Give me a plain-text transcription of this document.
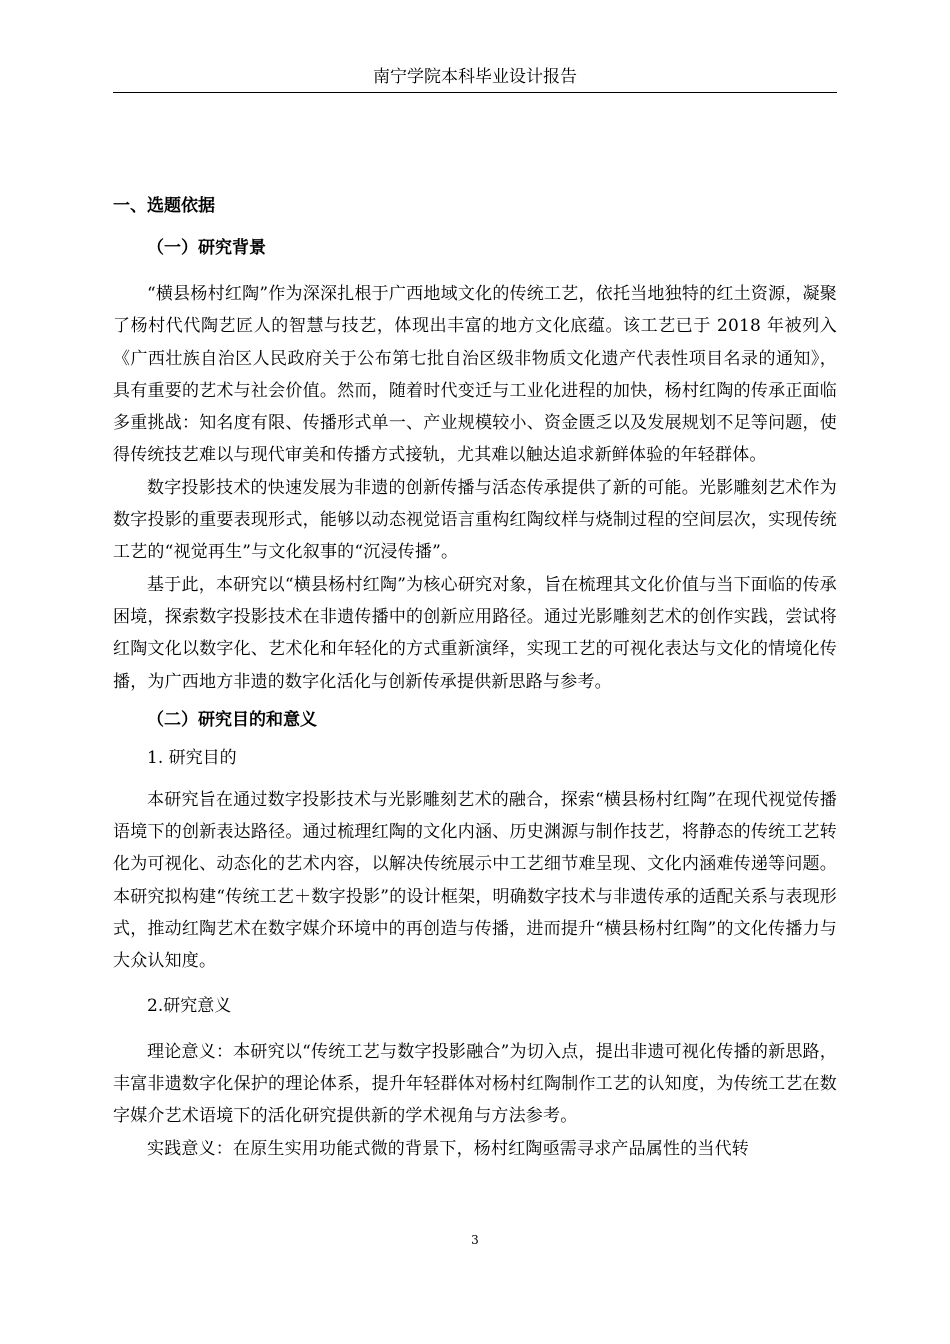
南宁学院本科毕业设计报告

一、选题依据

（一）研究背景

“横县杨村红陶”作为深深扎根于广西地域文化的传统工艺，依托当地独特的红土资源，凝聚了杨村代代陶艺匠人的智慧与技艺，体现出丰富的地方文化底蕴。该工艺已于 2018 年被列入《广西壮族自治区人民政府关于公布第七批自治区级非物质文化遗产代表性项目名录的通知》，具有重要的艺术与社会价值。然而，随着时代变迁与工业化进程的加快，杨村红陶的传承正面临多重挑战：知名度有限、传播形式单一、产业规模较小、资金匮乏以及发展规划不足等问题，使得传统技艺难以与现代审美和传播方式接轨，尤其难以触达追求新鲜体验的年轻群体。

数字投影技术的快速发展为非遗的创新传播与活态传承提供了新的可能。光影雕刻艺术作为数字投影的重要表现形式，能够以动态视觉语言重构红陶纹样与烧制过程的空间层次，实现传统工艺的“视觉再生”与文化叙事的“沉浸传播”。

基于此，本研究以“横县杨村红陶”为核心研究对象，旨在梳理其文化价值与当下面临的传承困境，探索数字投影技术在非遗传播中的创新应用路径。通过光影雕刻艺术的创作实践，尝试将红陶文化以数字化、艺术化和年轻化的方式重新演绎，实现工艺的可视化表达与文化的情境化传播，为广西地方非遗的数字化活化与创新传承提供新思路与参考。

（二）研究目的和意义

1. 研究目的

本研究旨在通过数字投影技术与光影雕刻艺术的融合，探索“横县杨村红陶”在现代视觉传播语境下的创新表达路径。通过梳理红陶的文化内涵、历史渊源与制作技艺，将静态的传统工艺转化为可视化、动态化的艺术内容，以解决传统展示中工艺细节难呈现、文化内涵难传递等问题。本研究拟构建“传统工艺＋数字投影”的设计框架，明确数字技术与非遗传承的适配关系与表现形式，推动红陶艺术在数字媒介环境中的再创造与传播，进而提升“横县杨村红陶”的文化传播力与大众认知度。

2.研究意义

理论意义：本研究以“传统工艺与数字投影融合”为切入点，提出非遗可视化传播的新思路，丰富非遗数字化保护的理论体系，提升年轻群体对杨村红陶制作工艺的认知度，为传统工艺在数字媒介艺术语境下的活化研究提供新的学术视角与方法参考。

实践意义：在原生实用功能式微的背景下，杨村红陶亟需寻求产品属性的当代转

3
